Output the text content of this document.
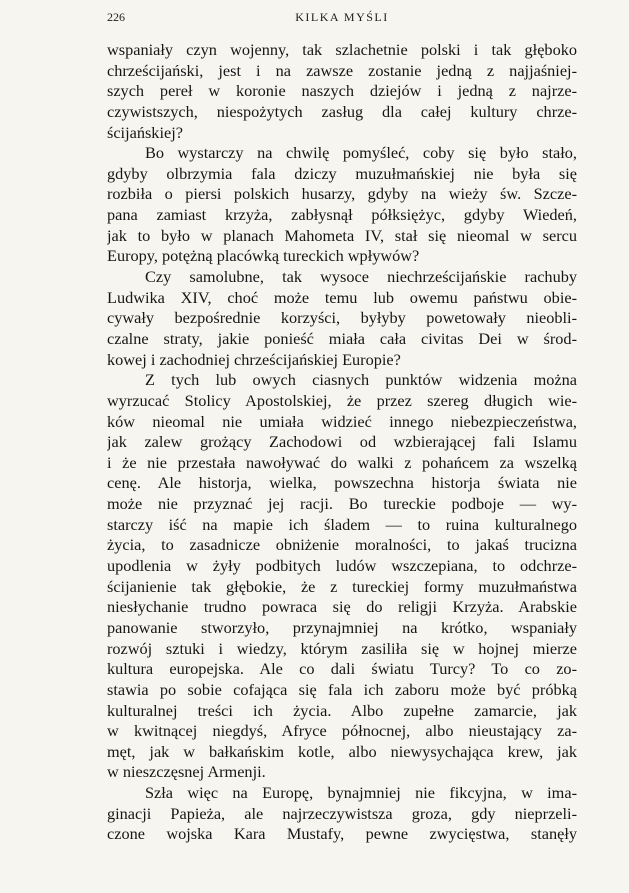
226	KILKA MYŚLI
wspaniały czyn wojenny, tak szlachetnie polski i tak głęboko
chrześcijański, jest i na zawsze zostanie jedną z najjaśniej-
szych pereł w koronie naszych dziejów i jedną z najrze-
czywistszych, niespożytych zasług dla całej kultury chrze-
ścijańskiej?
Bo wystarczy na chwilę pomyśleć, coby się było stało,
gdyby olbrzymia fala dziczy muzułmańskiej nie była się
rozbiła o piersi polskich husarzy, gdyby na wieży św. Szcze-
pana zamiast krzyża, zabłysnął półksiężyc, gdyby Wiedeń,
jak to było w planach Mahometa IV, stał się nieomal w sercu
Europy, potężną placówką tureckich wpływów?
Czy samolubne, tak wysoce niechrześcijańskie rachuby
Ludwika XIV, choć może temu lub owemu państwu obie-
cywały bezpośrednie korzyści, byłyby powetowały nieobli-
czalne straty, jakie ponieść miała cała civitas Dei w środ-
kowej i zachodniej chrześcijańskiej Europie?
Z tych lub owych ciasnych punktów widzenia można
wyrzucać Stolicy Apostolskiej, że przez szereg długich wie-
ków nieomal nie umiała widzieć innego niebezpieczeństwa,
jak zalew grożący Zachodowi od wzbierającej fali Islamu
i że nie przestała nawoływać do walki z pohańcem za wszelką
cenę. Ale historja, wielka, powszechna historja świata nie
może nie przyznać jej racji. Bo tureckie podboje — wy-
starczy iść na mapie ich śladem — to ruina kulturalnego
życia, to zasadnicze obniżenie moralności, to jakaś trucizna
upodlenia w żyły podbitych ludów wszczepiana, to odchrze-
ścijanienie tak głębokie, że z tureckiej formy muzułmaństwa
niesłychanie trudno powraca się do religji Krzyża. Arabskie
panowanie stworzyło, przynajmniej na krótko, wspaniały
rozwój sztuki i wiedzy, którym zasiliła się w hojnej mierze
kultura europejska. Ale co dali światu Turcy? To co zo-
stawia po sobie cofająca się fala ich zaboru może być próbką
kulturalnej treści ich życia. Albo zupełne zamarcie, jak
w kwitnącej niegdyś, Afryce północnej, albo nieustający za-
męt, jak w bałkańskim kotle, albo niewysychająca krew, jak
w nieszczęsnej Armenji.
Szła więc na Europę, bynajmniej nie fikcyjna, w ima-
ginacji Papieża, ale najrzeczywistsza groza, gdy nieprzeli-
czone wojska Kara Mustafy, pewne zwycięstwa, stanęły
